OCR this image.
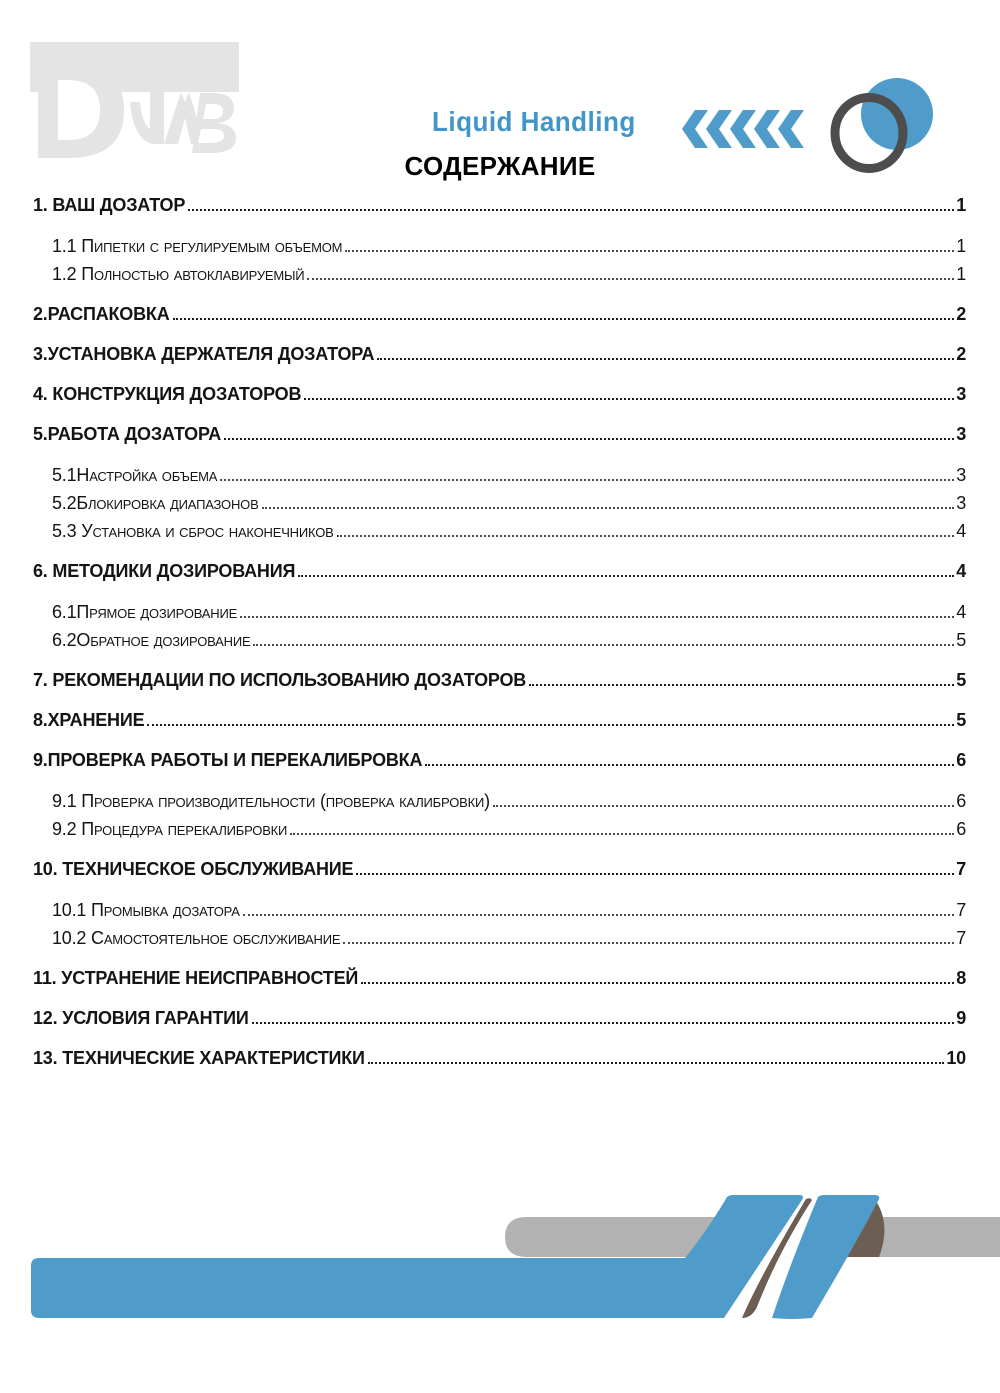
Liquid Handling
СОДЕРЖАНИЕ
1. ВАШ ДОЗАТОР	1
1.1 Пипетки с регулируемым объемом	1
1.2 Полностью автоклавируемый	1
2.РАСПАКОВКА	2
3.УСТАНОВКА ДЕРЖАТЕЛЯ ДОЗАТОРА	2
4. КОНСТРУКЦИЯ ДОЗАТОРОВ	3
5.РАБОТА ДОЗАТОРА	3
5.1Настройка объема	3
5.2Блокировка диапазонов	3
5.3 Установка и сброс наконечников	4
6. МЕТОДИКИ ДОЗИРОВАНИЯ	4
6.1Прямое дозирование	4
6.2Обратное дозирование	5
7. РЕКОМЕНДАЦИИ ПО ИСПОЛЬЗОВАНИЮ ДОЗАТОРОВ	5
8.ХРАНЕНИЕ	5
9.ПРОВЕРКА РАБОТЫ И ПЕРЕКАЛИБРОВКА	6
9.1 Проверка производительности (проверка калибровки)	6
9.2 Процедура перекалибровки	6
10. ТЕХНИЧЕСКОЕ ОБСЛУЖИВАНИЕ	7
10.1 Промывка дозатора	7
10.2 Самостоятельное обслуживание	7
11. УСТРАНЕНИЕ НЕИСПРАВНОСТЕЙ	8
12. УСЛОВИЯ ГАРАНТИИ	9
13. ТЕХНИЧЕСКИЕ ХАРАКТЕРИСТИКИ	10
